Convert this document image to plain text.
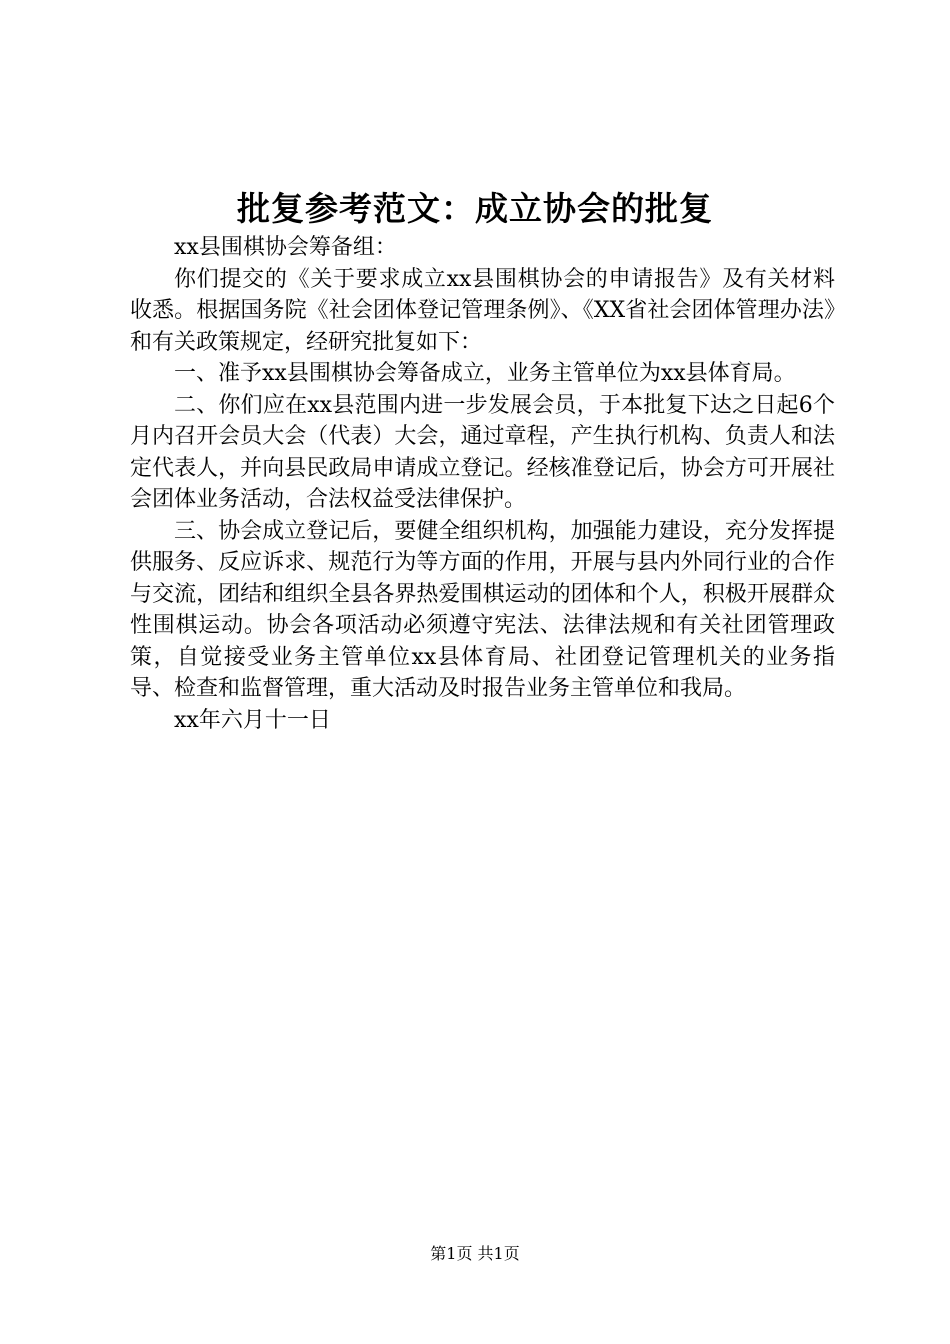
批复参考范文：成立协会的批复

xx县围棋协会筹备组：

你们提交的《关于要求成立xx县围棋协会的申请报告》及有关材料收悉。根据国务院《社会团体登记管理条例》、《XX省社会团体管理办法》和有关政策规定，经研究批复如下：

一、准予xx县围棋协会筹备成立，业务主管单位为xx县体育局。

二、你们应在xx县范围内进一步发展会员，于本批复下达之日起6个月内召开会员大会（代表）大会，通过章程，产生执行机构、负责人和法定代表人，并向县民政局申请成立登记。经核准登记后，协会方可开展社会团体业务活动，合法权益受法律保护。

三、协会成立登记后，要健全组织机构，加强能力建设，充分发挥提供服务、反应诉求、规范行为等方面的作用，开展与县内外同行业的合作与交流，团结和组织全县各界热爱围棋运动的团体和个人，积极开展群众性围棋运动。协会各项活动必须遵守宪法、法律法规和有关社团管理政策，自觉接受业务主管单位xx县体育局、社团登记管理机关的业务指导、检查和监督管理，重大活动及时报告业务主管单位和我局。

xx年六月十一日

第1页 共1页
